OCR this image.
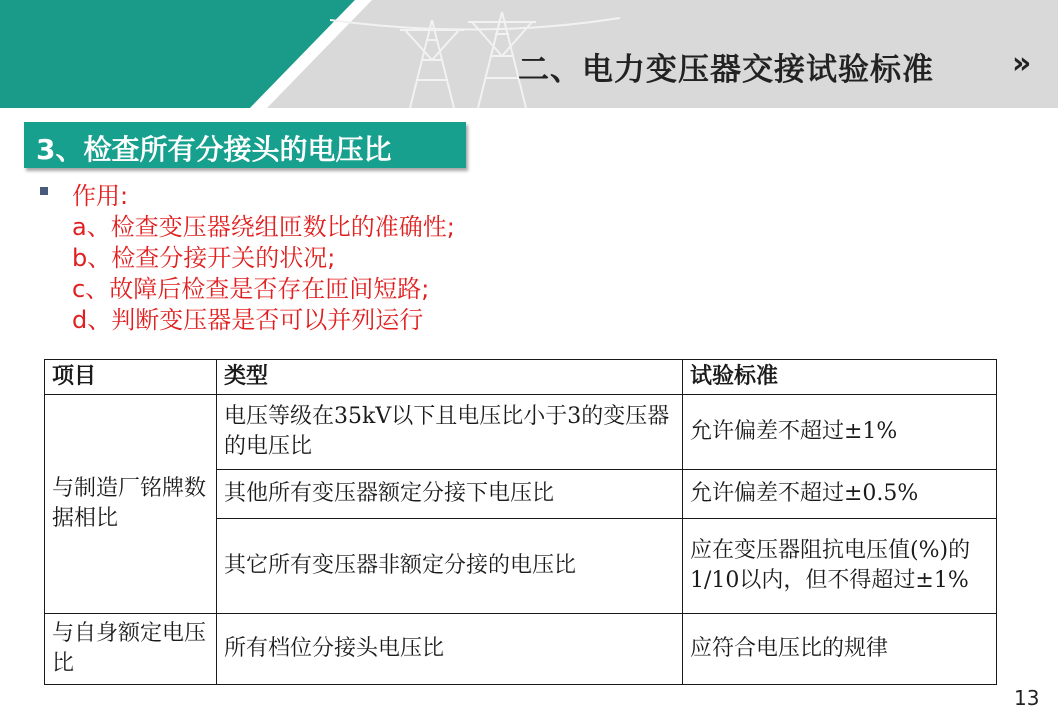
二、电力变压器交接试验标准	»
3、检查所有分接头的电压比
作用:
a、检查变压器绕组匝数比的准确性;
b、检查分接开关的状况;
c、故障后检查是否存在匝间短路;
d、判断变压器是否可以并列运行
项目	类型	试验标准
与制造厂铭牌数据相比	电压等级在35kV以下且电压比小于3的变压器的电压比	允许偏差不超过±1%
	其他所有变压器额定分接下电压比	允许偏差不超过±0.5%
	其它所有变压器非额定分接的电压比	应在变压器阻抗电压值(%)的1/10以内，但不得超过±1%
与自身额定电压比	所有档位分接头电压比	应符合电压比的规律
13
